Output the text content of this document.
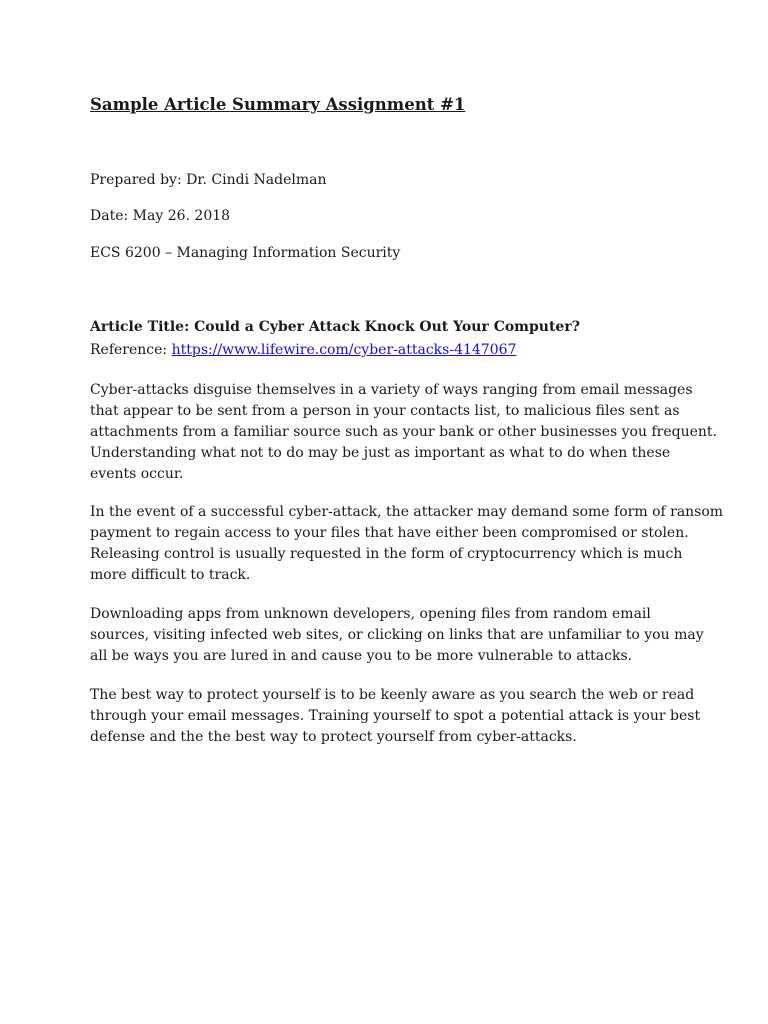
Sample Article Summary Assignment #1
Prepared by: Dr. Cindi Nadelman
Date: May 26. 2018
ECS 6200 – Managing Information Security
Article Title: Could a Cyber Attack Knock Out Your Computer?
Reference: https://www.lifewire.com/cyber-attacks-4147067

Cyber-attacks disguise themselves in a variety of ways ranging from email messages
that appear to be sent from a person in your contacts list, to malicious files sent as
attachments from a familiar source such as your bank or other businesses you frequent.
Understanding what not to do may be just as important as what to do when these
events occur.

In the event of a successful cyber-attack, the attacker may demand some form of ransom
payment to regain access to your files that have either been compromised or stolen.
Releasing control is usually requested in the form of cryptocurrency which is much
more difficult to track.

Downloading apps from unknown developers, opening files from random email
sources, visiting infected web sites, or clicking on links that are unfamiliar to you may
all be ways you are lured in and cause you to be more vulnerable to attacks.

The best way to protect yourself is to be keenly aware as you search the web or read
through your email messages. Training yourself to spot a potential attack is your best
defense and the the best way to protect yourself from cyber-attacks.
